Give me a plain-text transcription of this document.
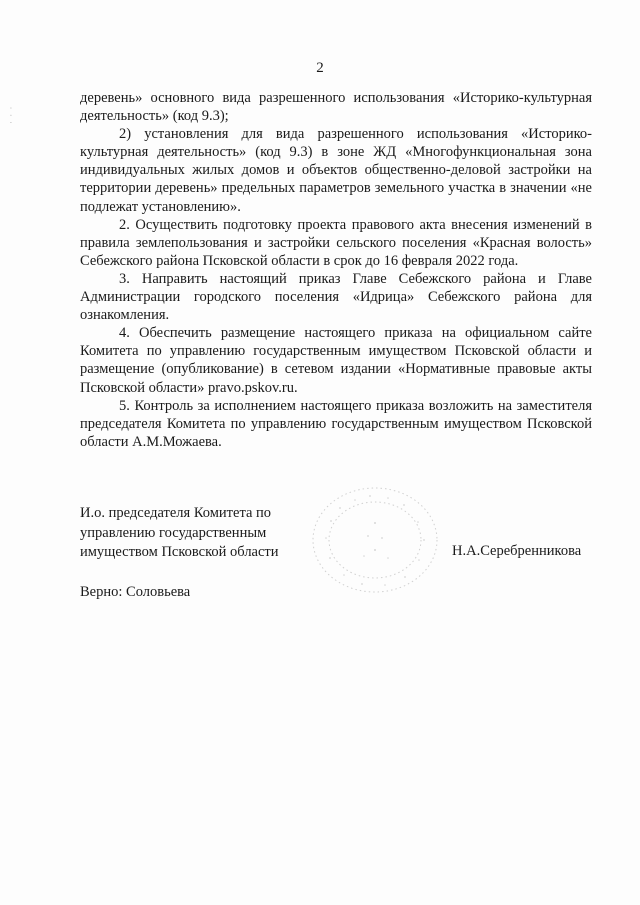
2
· · ·

деревень» основного вида разрешенного использования «Историко-культурная деятельность» (код 9.3);

2) установления для вида разрешенного использования «Историко-культурная деятельность» (код 9.3) в зоне ЖД «Многофункциональная зона индивидуальных жилых домов и объектов общественно-деловой застройки на территории деревень» предельных параметров земельного участка в значении «не подлежат установлению».

2. Осуществить подготовку проекта правового акта внесения изменений в правила землепользования и застройки сельского поселения «Красная волость» Себежского района Псковской области в срок до 16 февраля 2022 года.

3. Направить настоящий приказ Главе Себежского района и Главе Администрации городского поселения «Идрица» Себежского района для ознакомления.

4. Обеспечить размещение настоящего приказа на официальном сайте Комитета по управлению государственным имуществом Псковской области и размещение (опубликование) в сетевом издании «Нормативные правовые акты Псковской области» pravo.pskov.ru.

5. Контроль за исполнением настоящего приказа возложить на заместителя председателя Комитета по управлению государственным имуществом Псковской области А.М.Можаева.

И.о. председателя Комитета по
управлению государственным
имуществом Псковской области	Н.А.Серебренникова
Верно: Соловьева
